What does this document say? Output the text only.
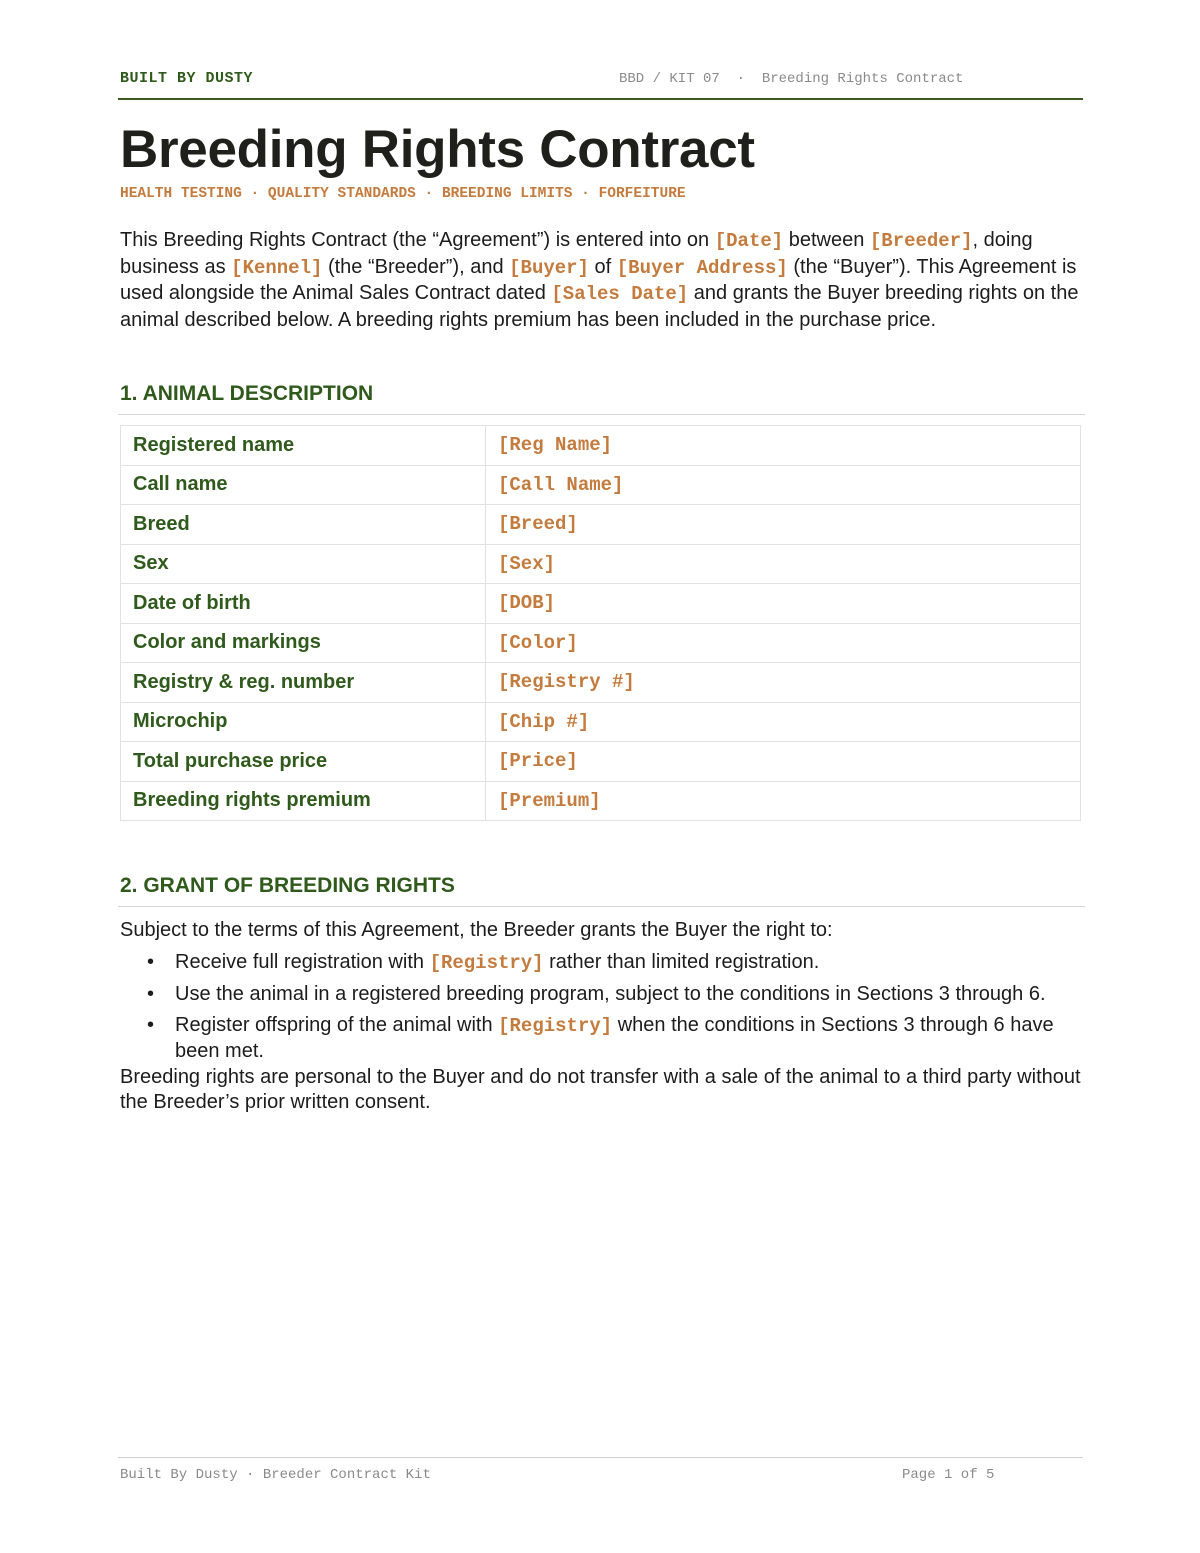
BUILT BY DUSTY	BBD / KIT 07  ·  Breeding Rights Contract
Breeding Rights Contract
HEALTH TESTING · QUALITY STANDARDS · BREEDING LIMITS · FORFEITURE

This Breeding Rights Contract (the “Agreement”) is entered into on [Date] between [Breeder], doing business as [Kennel] (the “Breeder”), and [Buyer] of [Buyer Address] (the “Buyer”). This Agreement is used alongside the Animal Sales Contract dated [Sales Date] and grants the Buyer breeding rights on the animal described below. A breeding rights premium has been included in the purchase price.

1. ANIMAL DESCRIPTION
Registered name	[Reg Name]
Call name	[Call Name]
Breed	[Breed]
Sex	[Sex]
Date of birth	[DOB]
Color and markings	[Color]
Registry & reg. number	[Registry #]
Microchip	[Chip #]
Total purchase price	[Price]
Breeding rights premium	[Premium]
2. GRANT OF BREEDING RIGHTS

Subject to the terms of this Agreement, the Breeder grants the Buyer the right to:

• Receive full registration with [Registry] rather than limited registration.
• Use the animal in a registered breeding program, subject to the conditions in Sections 3 through 6.
• Register offspring of the animal with [Registry] when the conditions in Sections 3 through 6 have been met.

Breeding rights are personal to the Buyer and do not transfer with a sale of the animal to a third party without the Breeder’s prior written consent.

Built By Dusty · Breeder Contract Kit	Page 1 of 5
